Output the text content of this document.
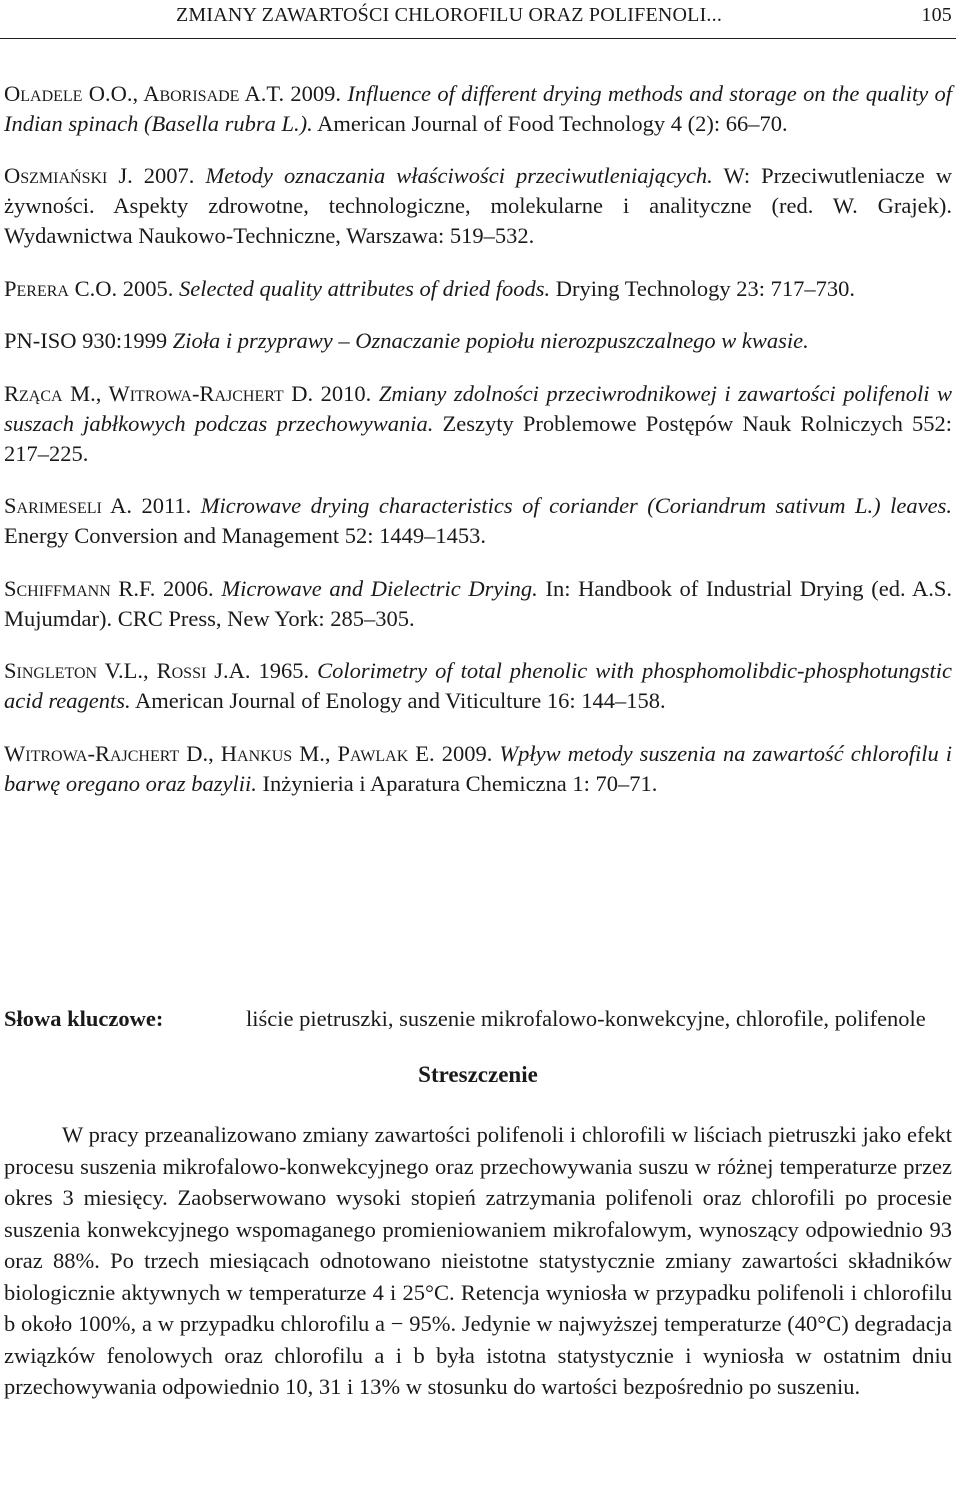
ZMIANY ZAWARTOŚCI CHLOROFILU ORAZ POLIFENOLI...	105

Oladele O.O., Aborisade A.T. 2009. Influence of different drying methods and storage on the quality of Indian spinach (Basella rubra L.). American Journal of Food Technology 4 (2): 66–70.

Oszmiański J. 2007. Metody oznaczania właściwości przeciwutleniających. W: Przeciwutleniacze w żywności. Aspekty zdrowotne, technologiczne, molekularne i analityczne (red. W. Grajek). Wydawnictwa Naukowo-Techniczne, Warszawa: 519–532.

Perera C.O. 2005. Selected quality attributes of dried foods. Drying Technology 23: 717–730.

PN-ISO 930:1999 Zioła i przyprawy – Oznaczanie popiołu nierozpuszczalnego w kwasie.

Rząca M., Witrowa-Rajchert D. 2010. Zmiany zdolności przeciwrodnikowej i zawartości polifenoli w suszach jabłkowych podczas przechowywania. Zeszyty Problemowe Postępów Nauk Rolniczych 552: 217–225.

Sarimeseli A. 2011. Microwave drying characteristics of coriander (Coriandrum sativum L.) leaves. Energy Conversion and Management 52: 1449–1453.

Schiffmann R.F. 2006. Microwave and Dielectric Drying. In: Handbook of Industrial Drying (ed. A.S. Mujumdar). CRC Press, New York: 285–305.

Singleton V.L., Rossi J.A. 1965. Colorimetry of total phenolic with phosphomolibdic-phosphotungstic acid reagents. American Journal of Enology and Viticulture 16: 144–158.

Witrowa-Rajchert D., Hankus M., Pawlak E. 2009. Wpływ metody suszenia na zawartość chlorofilu i barwę oregano oraz bazylii. Inżynieria i Aparatura Chemiczna 1: 70–71.

Słowa kluczowe:	liście pietruszki, suszenie mikrofalowo-konwekcyjne, chlorofile, polifenole
Streszczenie

W pracy przeanalizowano zmiany zawartości polifenoli i chlorofili w liściach pietruszki jako efekt procesu suszenia mikrofalowo-konwekcyjnego oraz przechowywania suszu w różnej temperaturze przez okres 3 miesięcy. Zaobserwowano wysoki stopień zatrzymania polifenoli oraz chlorofili po procesie suszenia konwekcyjnego wspomaganego promieniowaniem mikrofalowym, wynoszący odpowiednio 93 oraz 88%. Po trzech miesiącach odnotowano nieistotne statystycznie zmiany zawartości składników biologicznie aktywnych w temperaturze 4 i 25°C. Retencja wyniosła w przypadku polifenoli i chlorofilu b około 100%, a w przypadku chlorofilu a − 95%. Jedynie w najwyższej temperaturze (40°C) degradacja związków fenolowych oraz chlorofilu a i b była istotna statystycznie i wyniosła w ostatnim dniu przechowywania odpowiednio 10, 31 i 13% w stosunku do wartości bezpośrednio po suszeniu.
